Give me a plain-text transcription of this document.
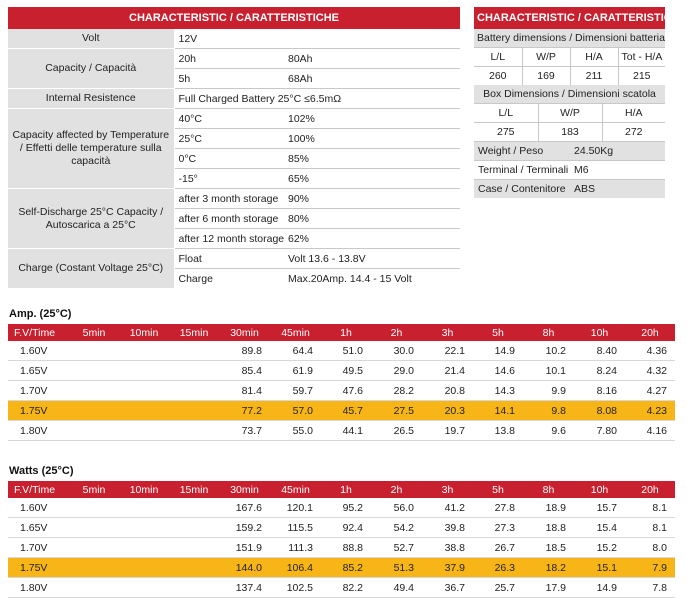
CHARACTERISTIC / CARATTERISTICHE		
Volt	12V	
Capacity / Capacità	20h	80Ah
	5h	68Ah
Internal Resistence	Full Charged Battery 25°C ≤6.5mΩ	
Capacity affected by Temperature / Effetti delle temperature sulla capacità	40°C	102%
	25°C	100%
	0°C	85%
	-15°	65%
Self-Discharge 25°C Capacity / Autoscarica a 25°C	after 3 month storage	90%
	after 6 month storage	80%
	after 12 month storage	62%
Charge (Costant Voltage 25°C)	Float	Volt 13.6 - 13.8V
	Charge	Max.20Amp. 14.4 - 15 Volt
CHARACTERISTIC / CARATTERISTICHE					
Battery dimensions / Dimensioni batteria					
L/L	W/P		H/A		Tot - H/A
260	169		211		215
Box Dimensions / Dimensioni scatola					
L/L		W/P		H/A	
275		183		272	
Weight / Peso			24.50Kg		
Terminal / Terminali			M6		
Case / Contenitore			ABS		
Amp. (25°C)
F.V/Time	5min	10min	15min	30min	45min	1h	2h	3h	5h	8h	10h	20h
1.60V				89.8	64.4	51.0	30.0	22.1	14.9	10.2	8.40	4.36
1.65V				85.4	61.9	49.5	29.0	21.4	14.6	10.1	8.24	4.32
1.70V				81.4	59.7	47.6	28.2	20.8	14.3	9.9	8.16	4.27
1.75V				77.2	57.0	45.7	27.5	20.3	14.1	9.8	8.08	4.23
1.80V				73.7	55.0	44.1	26.5	19.7	13.8	9.6	7.80	4.16
Watts (25°C)
F.V/Time	5min	10min	15min	30min	45min	1h	2h	3h	5h	8h	10h	20h
1.60V				167.6	120.1	95.2	56.0	41.2	27.8	18.9	15.7	8.1
1.65V				159.2	115.5	92.4	54.2	39.8	27.3	18.8	15.4	8.1
1.70V				151.9	111.3	88.8	52.7	38.8	26.7	18.5	15.2	8.0
1.75V				144.0	106.4	85.2	51.3	37.9	26.3	18.2	15.1	7.9
1.80V				137.4	102.5	82.2	49.4	36.7	25.7	17.9	14.9	7.8
